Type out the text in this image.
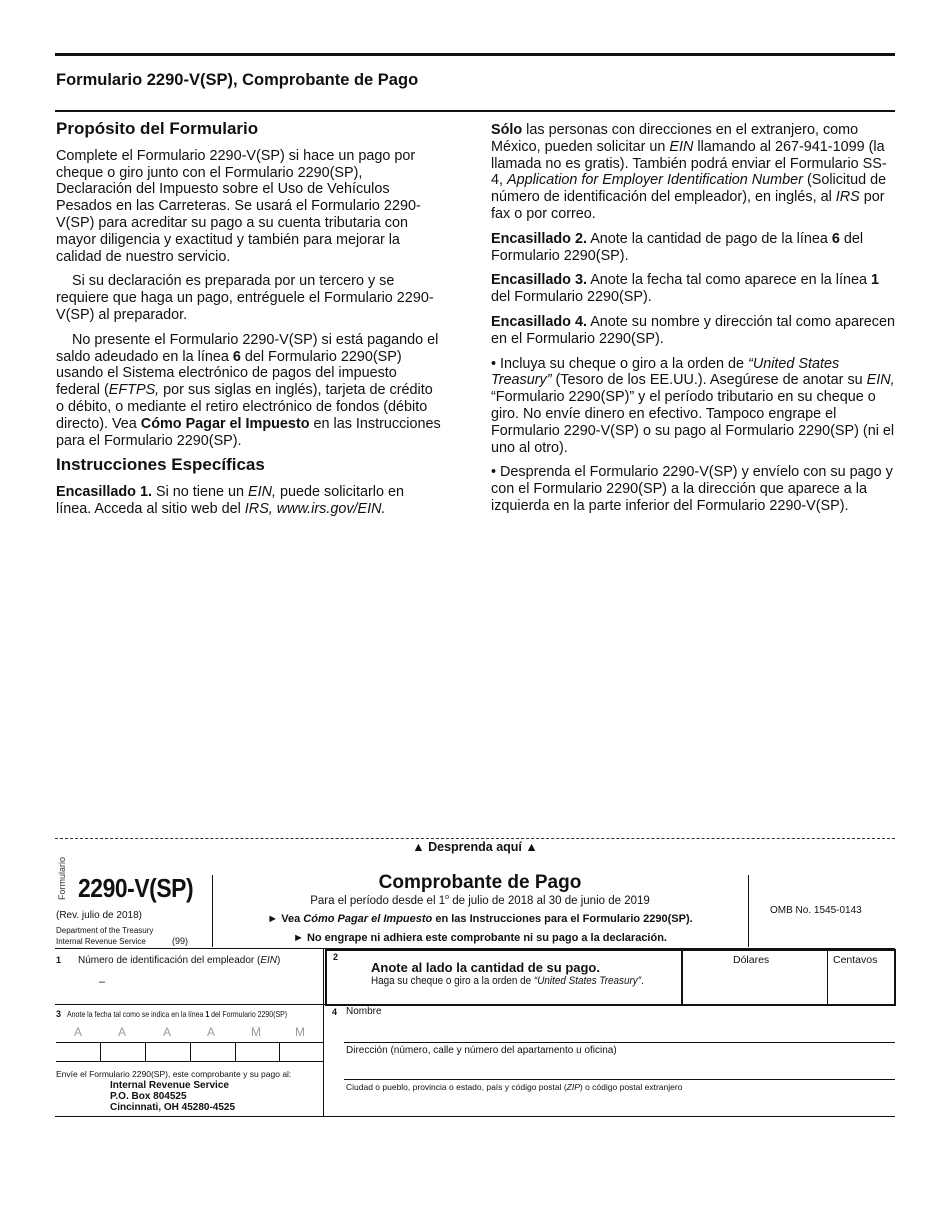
Formulario 2290-V(SP), Comprobante de Pago
Propósito del Formulario

Complete el Formulario 2290-V(SP) si hace un pago por cheque o giro junto con el Formulario 2290(SP), Declaración del Impuesto sobre el Uso de Vehículos Pesados en las Carreteras. Se usará el Formulario 2290-V(SP) para acreditar su pago a su cuenta tributaria con mayor diligencia y exactitud y también para mejorar la calidad de nuestro servicio.

Si su declaración es preparada por un tercero y se requiere que haga un pago, entréguele el Formulario 2290-V(SP) al preparador.

No presente el Formulario 2290-V(SP) si está pagando el saldo adeudado en la línea 6 del Formulario 2290(SP) usando el Sistema electrónico de pagos del impuesto federal (EFTPS, por sus siglas en inglés), tarjeta de crédito o débito, o mediante el retiro electrónico de fondos (débito directo). Vea Cómo Pagar el Impuesto en las Instrucciones para el Formulario 2290(SP).

Instrucciones Específicas

Encasillado 1. Si no tiene un EIN, puede solicitarlo en línea. Acceda al sitio web del IRS, www.irs.gov/EIN.

Sólo las personas con direcciones en el extranjero, como México, pueden solicitar un EIN llamando al 267-941-1099 (la llamada no es gratis). También podrá enviar el Formulario SS-4, Application for Employer Identification Number (Solicitud de número de identificación del empleador), en inglés, al IRS por fax o por correo.

Encasillado 2. Anote la cantidad de pago de la línea 6 del Formulario 2290(SP).

Encasillado 3. Anote la fecha tal como aparece en la línea 1 del Formulario 2290(SP).

Encasillado 4. Anote su nombre y dirección tal como aparecen en el Formulario 2290(SP).

• Incluya su cheque o giro a la orden de “United States Treasury” (Tesoro de los EE.UU.). Asegúrese de anotar su EIN, “Formulario 2290(SP)” y el período tributario en su cheque o giro. No envíe dinero en efectivo. Tampoco engrape el Formulario 2290-V(SP) o su pago al Formulario 2290(SP) (ni el uno al otro).

• Desprenda el Formulario 2290-V(SP) y envíelo con su pago y con el Formulario 2290(SP) a la dirección que aparece a la izquierda en la parte inferior del Formulario 2290-V(SP).

▲ Desprenda aquí ▲
Formulario 2290-V(SP)
(Rev. julio de 2018)
Department of the Treasury
Internal Revenue Service	(99)
Comprobante de Pago
Para el período desde el 1$^o$ de julio de 2018 al 30 de junio de 2019
► Vea Cómo Pagar el Impuesto en las Instrucciones para el Formulario 2290(SP).
► No engrape ni adhiera este comprobante ni su pago a la declaración.
OMB No. 1545-0143
1 Número de identificación del empleador (EIN)
–
2
Anote al lado la cantidad de su pago.
Haga su cheque o giro a la orden de “United States Treasury”.
Dólares	Centavos
3 Anote la fecha tal como se indica en la línea 1 del Formulario 2290(SP)
A	A	A	A	M	M
Envíe el Formulario 2290(SP), este comprobante y su pago al:
Internal Revenue Service
P.O. Box 804525
Cincinnati, OH 45280-4525
4 Nombre
Dirección (número, calle y número del apartamento u oficina)
Ciudad o pueblo, provincia o estado, país y código postal (ZIP) o código postal extranjero
